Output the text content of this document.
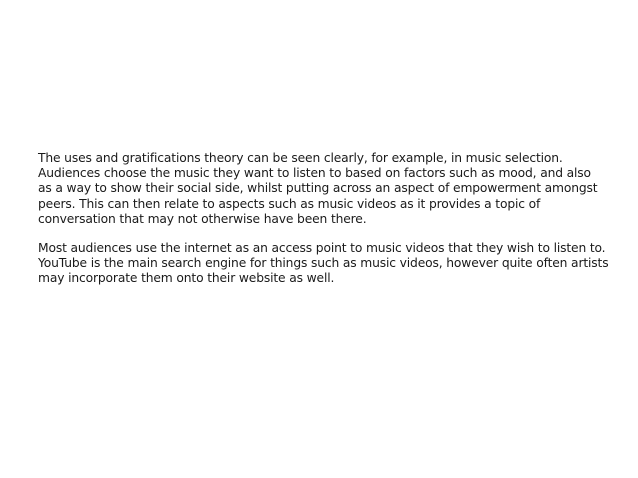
The uses and gratifications theory can be seen clearly, for example, in music selection.
Audiences choose the music they want to listen to based on factors such as mood, and also
as a way to show their social side, whilst putting across an aspect of empowerment amongst
peers. This can then relate to aspects such as music videos as it provides a topic of
conversation that may not otherwise have been there.

Most audiences use the internet as an access point to music videos that they wish to listen to.
YouTube is the main search engine for things such as music videos, however quite often artists
may incorporate them onto their website as well.
